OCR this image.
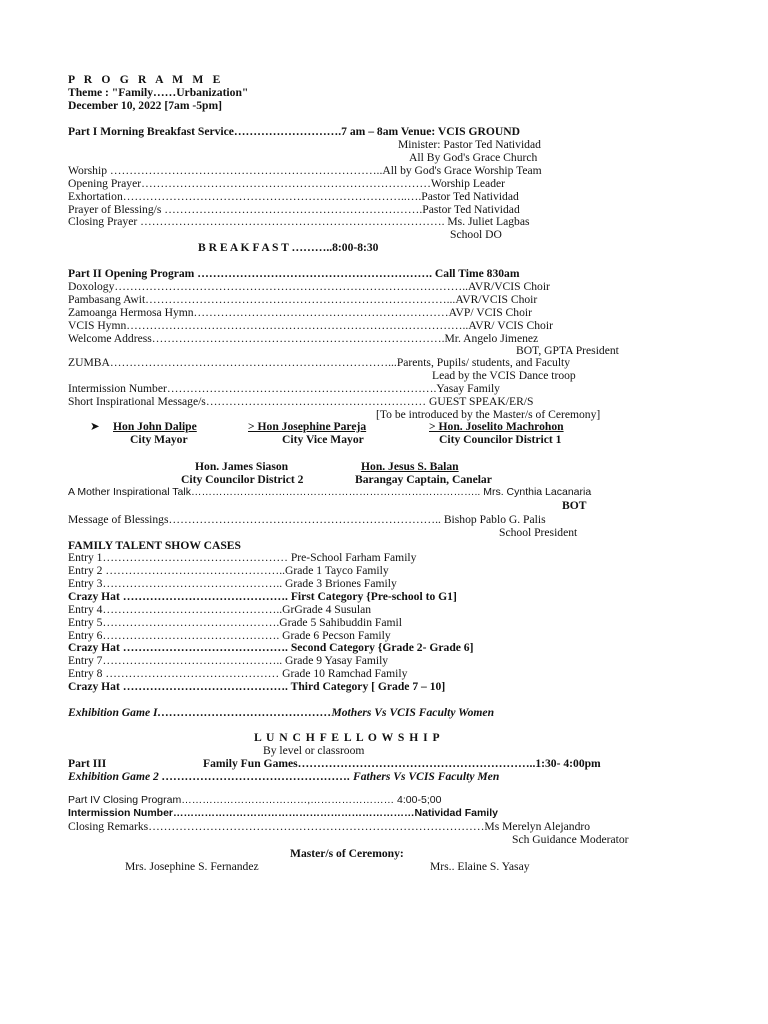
P R O G R A M M E
Theme : "Family……Urbanization"
December 10, 2022 [7am -5pm]
Part I Morning Breakfast Service……………………….7 am – 8am Venue: VCIS GROUND
Minister: Pastor Ted Natividad
All By God's Grace Church
Worship ……………………………………………………………..All by God's Grace Worship Team
Opening Prayer…………………………………………………………………Worship Leader
Exhortation………………………………………………………………..….Pastor Ted Natividad
Prayer of Blessing/s ………………………………………………………….Pastor Ted Natividad
Closing Prayer ……………………………………………………………………. Ms. Juliet Lagbas
School DO
B R E A K F A S T ………..8:00-8:30
Part II Opening Program ……………………………………………………. Call Time 830am
Doxology………………………………………………………………………………..AVR/VCIS Choir
Pambasang Awit……………………………………………………………………...AVR/VCIS Choir
Zamoanga Hermosa Hymn…………………………………………………………AVP/ VCIS Choir
VCIS Hymn……………………………………………………………………………..AVR/ VCIS Choir
Welcome Address………………………………………………………………….Mr. Angelo Jimenez
BOT, GPTA President
ZUMBA………………………………………………………………...Parents, Pupils/ students, and Faculty
Lead by the VCIS Dance troop
Intermission Number…………………………………………………………….Yasay Family
Short Inspirational Message/s………………………………………………… GUEST SPEAK/ER/S
[To be introduced by the Master/s of Ceremony]
➤ Hon John Dalipe
City Mayor
> Hon Josephine Pareja
City Vice Mayor
> Hon. Joselito Machrohon
City Councilor District 1
Hon. James Siason
City Councilor District 2
Hon. Jesus S. Balan
Barangay Captain, Canelar
A Mother Inspirational Talk……………………………………………………………………….. Mrs. Cynthia Lacanaria
BOT
Message of Blessings…………………………………………………………….. Bishop Pablo G. Palis
School President
FAMILY TALENT SHOW CASES
Entry 1………………………………………… Pre-School Farham Family
Entry 2 ………………………………………..Grade 1 Tayco Family
Entry 3……………………………………….. Grade 3 Briones Family
Crazy Hat ……………………………………. First Category {Pre-school to G1]
Entry 4………………………………………..GrGrade 4 Susulan
Entry 5……………………………………….Grade 5 Sahibuddin Famil
Entry 6………………………………………. Grade 6 Pecson Family
Crazy Hat ……………………………………. Second Category {Grade 2- Grade 6]
Entry 7……………………………………….. Grade 9 Yasay Family
Entry 8 ……………………………………… Grade 10 Ramchad Family
Crazy Hat ……………………………………. Third Category [ Grade 7 – 10]
Exhibition Game I………………………………………Mothers Vs VCIS Faculty Women
L U N C H F E L L O W S H I P
By level or classroom
Part III	Family Fun Games……………………………………………………..1:30- 4:00pm
Exhibition Game 2 …………………………………………. Fathers Vs VCIS Faculty Men
Part IV Closing Program………………………………,…………………… 4:00-5;00
Intermission Number……………………………………………………………Natividad Family
Closing Remarks……………………………………………………………………………Ms Merelyn Alejandro
Sch Guidance Moderator
Master/s of Ceremony:
Mrs. Josephine S. Fernandez	Mrs.. Elaine S. Yasay
